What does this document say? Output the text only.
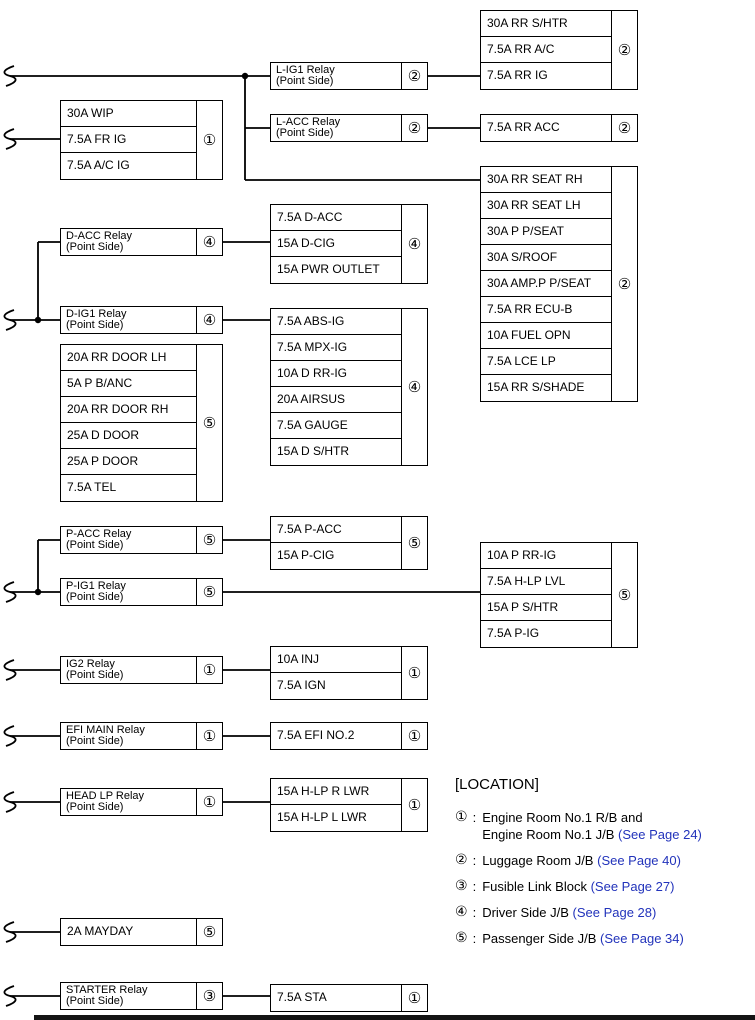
30A RR S/HTR
7.5A RR A/C
7.5A RR IG
②
L-IG1 Relay
(Point Side)	②
L-ACC Relay
(Point Side)	②	7.5A RR ACC	②
30A WIP
7.5A FR IG
7.5A A/C IG
①
30A RR SEAT RH
30A RR SEAT LH
30A P P/SEAT
30A S/ROOF
30A AMP.P P/SEAT
7.5A RR ECU-B
10A FUEL OPN
7.5A LCE LP
15A RR S/SHADE
②
D-ACC Relay
(Point Side)	④
7.5A D-ACC
15A D-CIG
15A PWR OUTLET
④
D-IG1 Relay
(Point Side)	④	7.5A ABS-IG
7.5A MPX-IG
10A D RR-IG
20A AIRSUS
7.5A GAUGE
15A D S/HTR
④
20A RR DOOR LH
5A P B/ANC
20A RR DOOR RH
25A D DOOR
25A P DOOR
7.5A TEL
⑤
P-ACC Relay
(Point Side)	⑤
7.5A P-ACC
15A P-CIG
⑤
P-IG1 Relay
(Point Side)	⑤
10A P RR-IG
7.5A H-LP LVL
15A P S/HTR
7.5A P-IG
⑤
IG2 Relay
(Point Side)	①
10A INJ
7.5A IGN
①
EFI MAIN Relay
(Point Side)	①	7.5A EFI NO.2	①
HEAD LP Relay
(Point Side)	①
15A H-LP R LWR
15A H-LP L LWR
①
2A MAYDAY	⑤
STARTER Relay
(Point Side)	③	7.5A STA	①
[LOCATION]
① : Engine Room No.1 R/B and
Engine Room No.1 J/B (See Page 24)
② : Luggage Room J/B (See Page 40)
③ : Fusible Link Block (See Page 27)
④ : Driver Side J/B (See Page 28)
⑤ : Passenger Side J/B (See Page 34)
